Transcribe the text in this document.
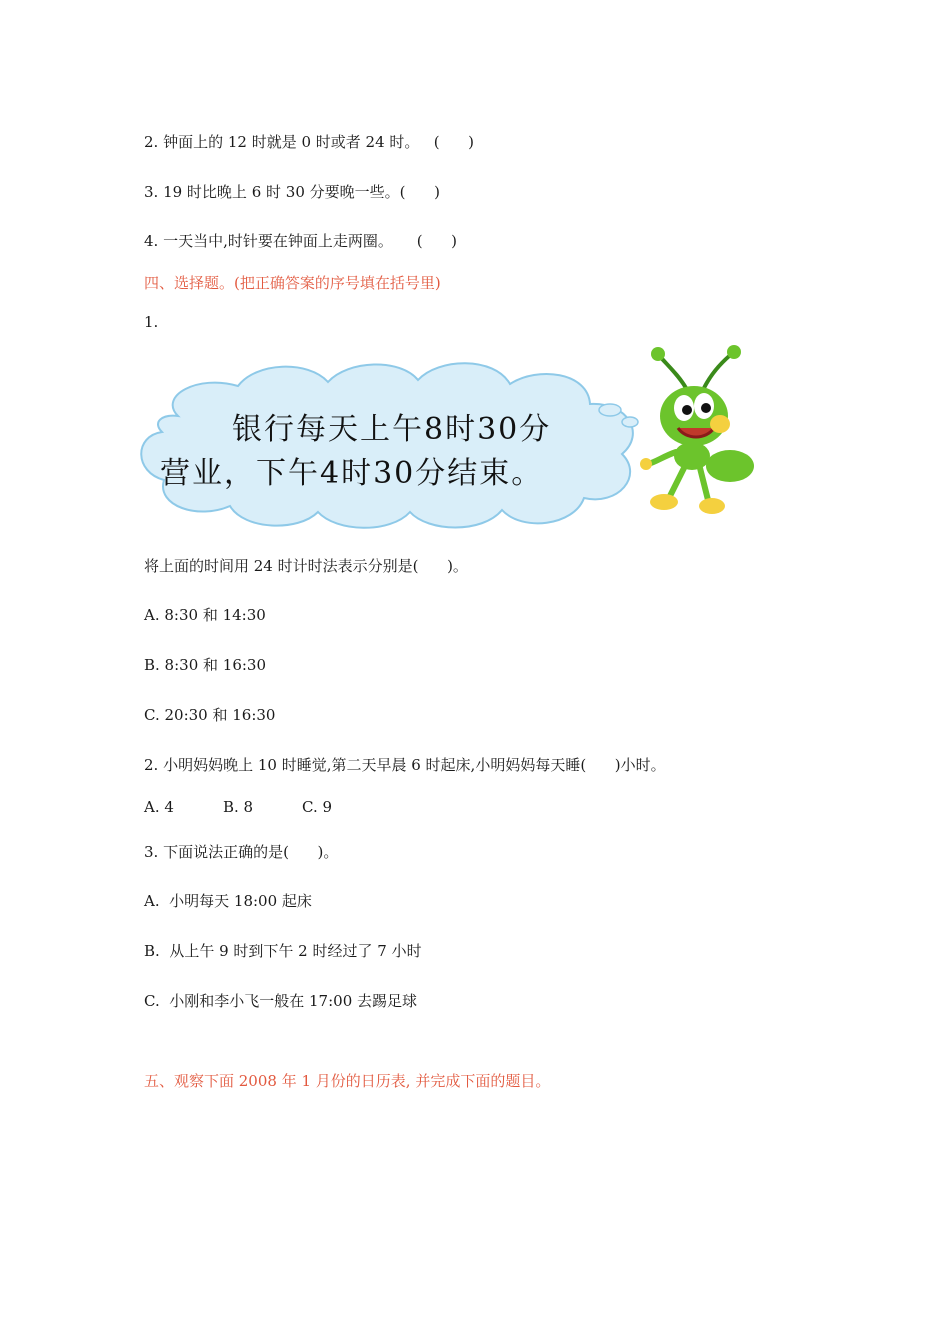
2. 钟面上的 12 时就是 0 时或者 24 时。   (      )
3. 19 时比晚上 6 时 30 分要晚一些。(      )
4. 一天当中,时针要在钟面上走两圈。     (      )
四、选择题。(把正确答案的序号填在括号里)
1.
银行每天上午8时30分
营业，下午4时30分结束。
将上面的时间用 24 时计时法表示分别是(      )。
A. 8:30 和 14:30
B. 8:30 和 16:30
C. 20:30 和 16:30
2. 小明妈妈晚上 10 时睡觉,第二天早晨 6 时起床,小明妈妈每天睡(      )小时。
A. 4	B. 8	C. 9
3. 下面说法正确的是(      )。
A.  小明每天 18:00 起床
B.  从上午 9 时到下午 2 时经过了 7 小时
C.  小刚和李小飞一般在 17:00 去踢足球
五、观察下面 2008 年 1 月份的日历表, 并完成下面的题目。
